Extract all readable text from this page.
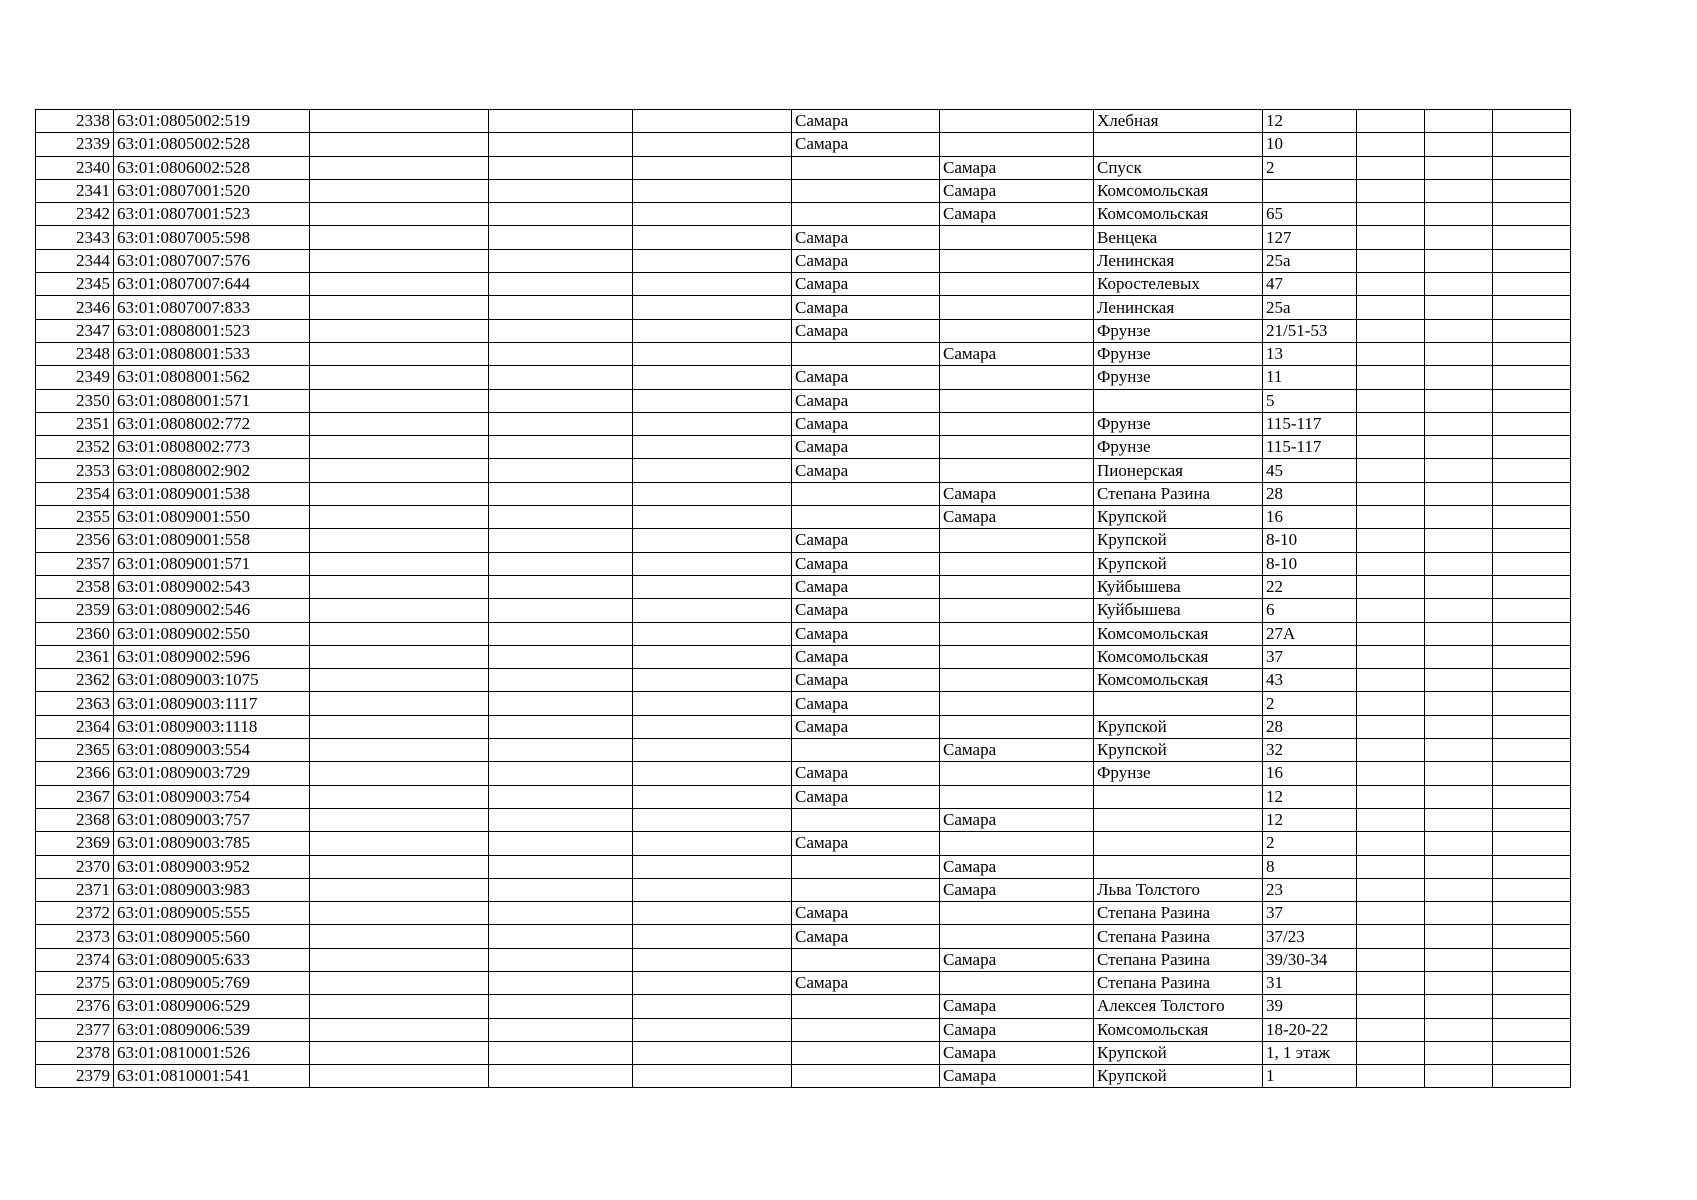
2338	63:01:0805002:519				Самара		Хлебная	12			
2339	63:01:0805002:528				Самара			10			
2340	63:01:0806002:528					Самара	Спуск	2			
2341	63:01:0807001:520					Самара	Комсомольская				
2342	63:01:0807001:523					Самара	Комсомольская	65			
2343	63:01:0807005:598				Самара		Венцека	127			
2344	63:01:0807007:576				Самара		Ленинская	25а			
2345	63:01:0807007:644				Самара		Коростелевых	47			
2346	63:01:0807007:833				Самара		Ленинская	25а			
2347	63:01:0808001:523				Самара		Фрунзе	21/51-53			
2348	63:01:0808001:533					Самара	Фрунзе	13			
2349	63:01:0808001:562				Самара		Фрунзе	11			
2350	63:01:0808001:571				Самара			5			
2351	63:01:0808002:772				Самара		Фрунзе	115-117			
2352	63:01:0808002:773				Самара		Фрунзе	115-117			
2353	63:01:0808002:902				Самара		Пионерская	45			
2354	63:01:0809001:538					Самара	Степана Разина	28			
2355	63:01:0809001:550					Самара	Крупской	16			
2356	63:01:0809001:558				Самара		Крупской	8-10			
2357	63:01:0809001:571				Самара		Крупской	8-10			
2358	63:01:0809002:543				Самара		Куйбышева	22			
2359	63:01:0809002:546				Самара		Куйбышева	6			
2360	63:01:0809002:550				Самара		Комсомольская	27А			
2361	63:01:0809002:596				Самара		Комсомольская	37			
2362	63:01:0809003:1075				Самара		Комсомольская	43			
2363	63:01:0809003:1117				Самара			2			
2364	63:01:0809003:1118				Самара		Крупской	28			
2365	63:01:0809003:554					Самара	Крупской	32			
2366	63:01:0809003:729				Самара		Фрунзе	16			
2367	63:01:0809003:754				Самара			12			
2368	63:01:0809003:757					Самара		12			
2369	63:01:0809003:785				Самара			2			
2370	63:01:0809003:952					Самара		8			
2371	63:01:0809003:983					Самара	Льва Толстого	23			
2372	63:01:0809005:555				Самара		Степана Разина	37			
2373	63:01:0809005:560				Самара		Степана Разина	37/23			
2374	63:01:0809005:633					Самара	Степана Разина	39/30-34			
2375	63:01:0809005:769				Самара		Степана Разина	31			
2376	63:01:0809006:529					Самара	Алексея Толстого	39			
2377	63:01:0809006:539					Самара	Комсомольская	18-20-22			
2378	63:01:0810001:526					Самара	Крупской	1, 1 этаж			
2379	63:01:0810001:541					Самара	Крупской	1			
